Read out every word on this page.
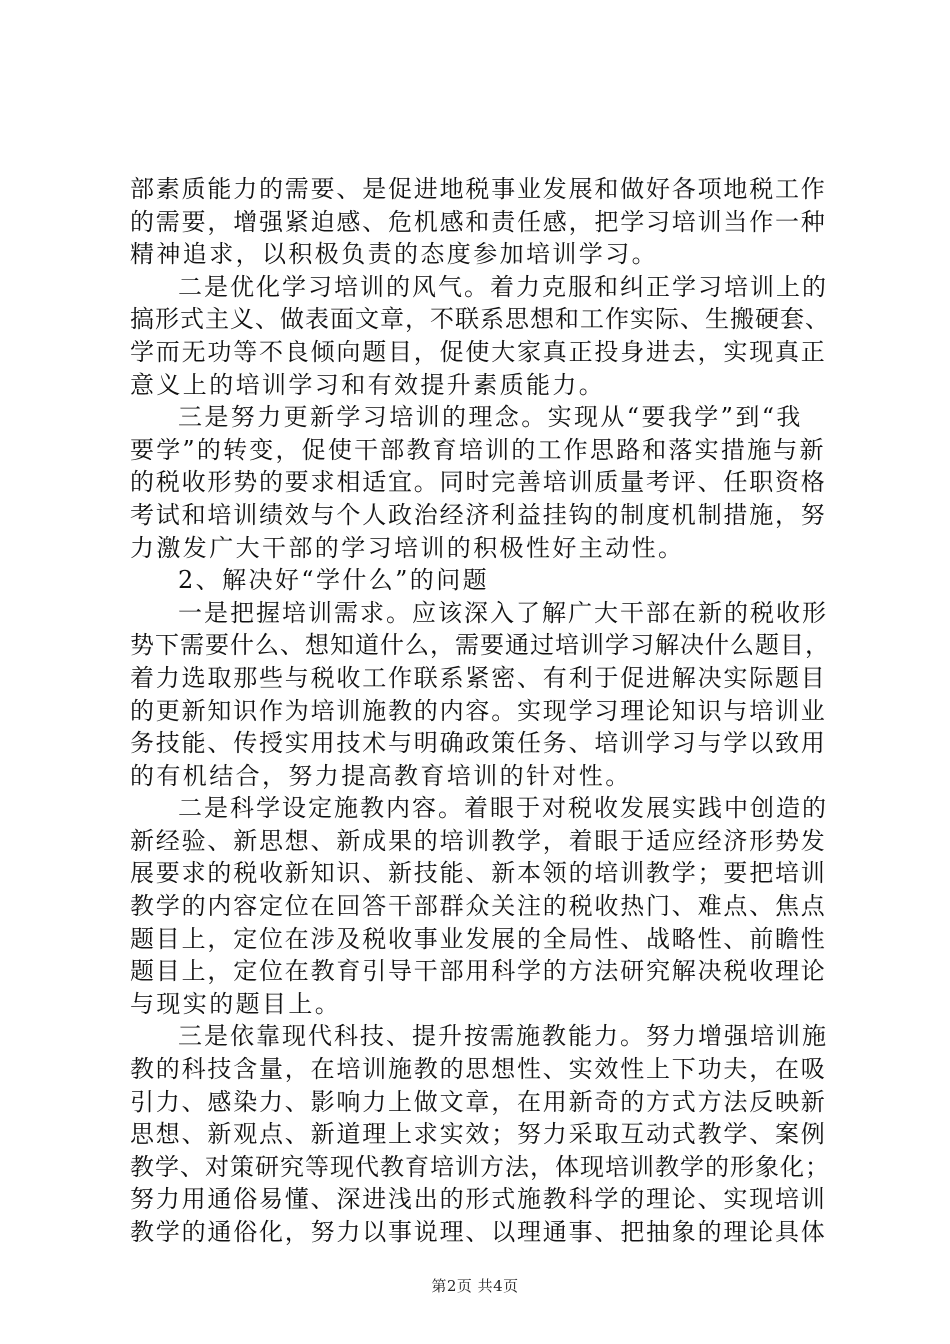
部素质能力的需要、是促进地税事业发展和做好各项地税工作
的需要，增强紧迫感、危机感和责任感，把学习培训当作一种
精神追求，以积极负责的态度参加培训学习。
二是优化学习培训的风气。着力克服和纠正学习培训上的
搞形式主义、做表面文章，不联系思想和工作实际、生搬硬套、
学而无功等不良倾向题目，促使大家真正投身进去，实现真正
意义上的培训学习和有效提升素质能力。
三是努力更新学习培训的理念。实现从“要我学”到“我
要学”的转变，促使干部教育培训的工作思路和落实措施与新
的税收形势的要求相适宜。同时完善培训质量考评、任职资格
考试和培训绩效与个人政治经济利益挂钩的制度机制措施，努
力激发广大干部的学习培训的积极性好主动性。
2、解决好“学什么”的问题
一是把握培训需求。应该深入了解广大干部在新的税收形
势下需要什么、想知道什么，需要通过培训学习解决什么题目，
着力选取那些与税收工作联系紧密、有利于促进解决实际题目
的更新知识作为培训施教的内容。实现学习理论知识与培训业
务技能、传授实用技术与明确政策任务、培训学习与学以致用
的有机结合，努力提高教育培训的针对性。
二是科学设定施教内容。着眼于对税收发展实践中创造的
新经验、新思想、新成果的培训教学，着眼于适应经济形势发
展要求的税收新知识、新技能、新本领的培训教学；要把培训
教学的内容定位在回答干部群众关注的税收热门、难点、焦点
题目上，定位在涉及税收事业发展的全局性、战略性、前瞻性
题目上，定位在教育引导干部用科学的方法研究解决税收理论
与现实的题目上。
三是依靠现代科技、提升按需施教能力。努力增强培训施
教的科技含量，在培训施教的思想性、实效性上下功夫，在吸
引力、感染力、影响力上做文章，在用新奇的方式方法反映新
思想、新观点、新道理上求实效；努力采取互动式教学、案例
教学、对策研究等现代教育培训方法，体现培训教学的形象化；
努力用通俗易懂、深进浅出的形式施教科学的理论、实现培训
教学的通俗化，努力以事说理、以理通事、把抽象的理论具体
第2页 共4页
